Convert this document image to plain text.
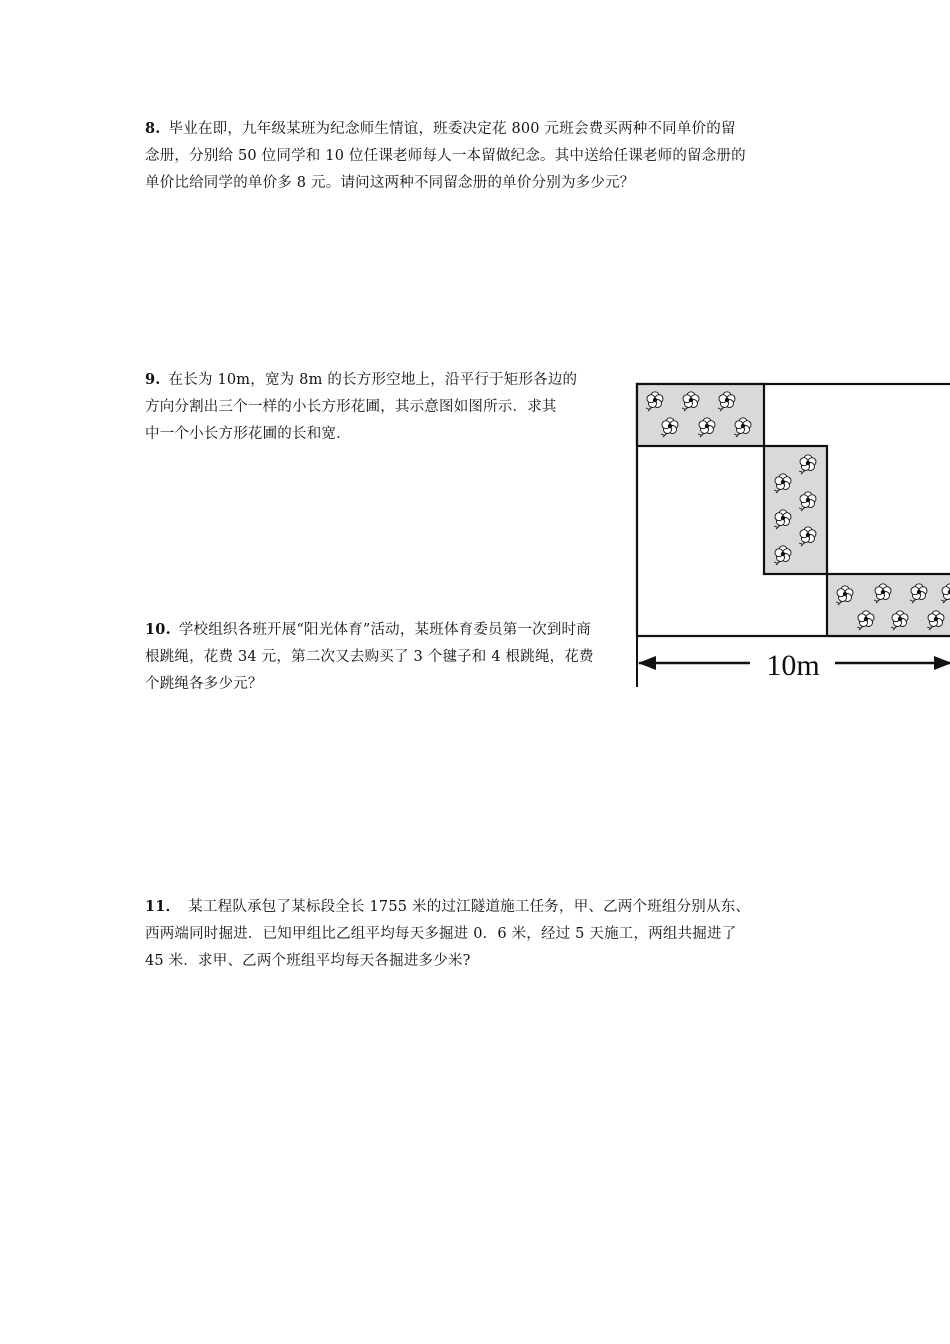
8. 毕业在即，九年级某班为纪念师生情谊，班委决定花 800 元班会费买两种不同单价的留
念册，分别给 50 位同学和 10 位任课老师每人一本留做纪念。其中送给任课老师的留念册的
单价比给同学的单价多 8 元。请问这两种不同留念册的单价分别为多少元？
9. 在长为 10m，宽为 8m 的长方形空地上，沿平行于矩形各边的
方向分割出三个一样的小长方形花圃，其示意图如图所示．求其
中一个小长方形花圃的长和宽．
10. 学校组织各班开展“阳光体育”活动，某班体育委员第一次到时商
根跳绳，花费 34 元，第二次又去购买了 3 个毽子和 4 根跳绳，花费
个跳绳各多少元？
11． 某工程队承包了某标段全长 1755 米的过江隧道施工任务，甲、乙两个班组分别从东、
西两端同时掘进．已知甲组比乙组平均每天多掘进 0．6 米，经过 5 天施工，两组共掘进了
45 米．求甲、乙两个班组平均每天各掘进多少米?
10m
